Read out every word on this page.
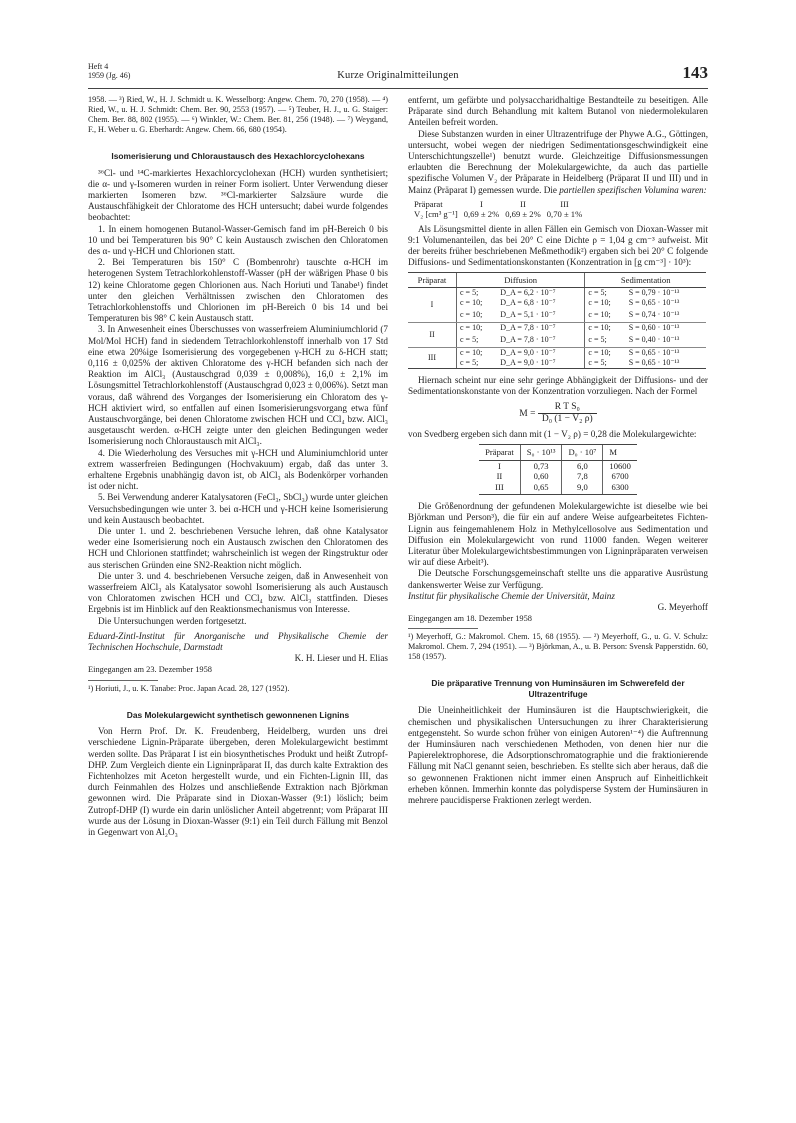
Heft 4
1959 (Jg. 46)	Kurze Originalmitteilungen	143

1958. — ³) Ried, W., H. J. Schmidt u. K. Wesselborg: Angew. Chem. 70, 270 (1958). — ⁴) Ried, W., u. H. J. Schmidt: Chem. Ber. 90, 2553 (1957). — ⁵) Teuber, H. J., u. G. Staiger: Chem. Ber. 88, 802 (1955). — ⁶) Winkler, W.: Chem. Ber. 81, 256 (1948). — ⁷) Weygand, F., H. Weber u. G. Eberhardt: Angew. Chem. 66, 680 (1954).

Isomerisierung und Chloraustausch des Hexachlorcyclohexans

³⁶Cl- und ¹⁴C-markiertes Hexachlorcyclohexan (HCH) wurden synthetisiert; die α- und γ-Isomeren wurden in reiner Form isoliert. Unter Verwendung dieser markierten Isomeren bzw. ³⁶Cl-markierter Salzsäure wurde die Austauschfähigkeit der Chloratome des HCH untersucht; dabei wurde folgendes beobachtet:

1. In einem homogenen Butanol-Wasser-Gemisch fand im pH-Bereich 0 bis 10 und bei Temperaturen bis 90° C kein Austausch zwischen den Chloratomen des α- und γ-HCH und Chlorionen statt.

2. Bei Temperaturen bis 150° C (Bombenrohr) tauschte α-HCH im heterogenen System Tetrachlorkohlenstoff-Wasser (pH der wäßrigen Phase 0 bis 12) keine Chloratome gegen Chlorionen aus. Nach Horiuti und Tanabe¹) findet unter den gleichen Verhältnissen zwischen den Chloratomen des Tetrachlorkohlenstoffs und Chlorionen im pH-Bereich 0 bis 14 und bei Temperaturen bis 98° C kein Austausch statt.

3. In Anwesenheit eines Überschusses von wasserfreiem Aluminiumchlorid (7 Mol/Mol HCH) fand in siedendem Tetrachlorkohlenstoff innerhalb von 17 Std eine etwa 20%ige Isomerisierung des vorgegebenen γ-HCH zu δ-HCH statt; 0,116 ± 0,025% der aktiven Chloratome des γ-HCH befanden sich nach der Reaktion im AlCl₃ (Austauschgrad 0,039 ± 0,008%), 16,0 ± 2,1% im Lösungsmittel Tetrachlorkohlenstoff (Austauschgrad 0,023 ± 0,006%). Setzt man voraus, daß während des Vorganges der Isomerisierung ein Chloratom des γ-HCH aktiviert wird, so entfallen auf einen Isomerisierungsvorgang etwa fünf Austauschvorgänge, bei denen Chloratome zwischen HCH und CCl₄ bzw. AlCl₃ ausgetauscht werden. α-HCH zeigte unter den gleichen Bedingungen weder Isomerisierung noch Chloraustausch mit AlCl₃.

4. Die Wiederholung des Versuches mit γ-HCH und Aluminiumchlorid unter extrem wasserfreien Bedingungen (Hochvakuum) ergab, daß das unter 3. erhaltene Ergebnis unabhängig davon ist, ob AlCl₃ als Bodenkörper vorhanden ist oder nicht.

5. Bei Verwendung anderer Katalysatoren (FeCl₃, SbCl₃) wurde unter gleichen Versuchsbedingungen wie unter 3. bei α-HCH und γ-HCH keine Isomerisierung und kein Austausch beobachtet.

Die unter 1. und 2. beschriebenen Versuche lehren, daß ohne Katalysator weder eine Isomerisierung noch ein Austausch zwischen den Chloratomen des HCH und Chlorionen stattfindet; wahrscheinlich ist wegen der Ringstruktur oder aus sterischen Gründen eine SN2-Reaktion nicht möglich.

Die unter 3. und 4. beschriebenen Versuche zeigen, daß in Anwesenheit von wasserfreiem AlCl₃ als Katalysator sowohl Isomerisierung als auch Austausch von Chloratomen zwischen HCH und CCl₄ bzw. AlCl₃ stattfinden. Dieses Ergebnis ist im Hinblick auf den Reaktionsmechanismus von Interesse.

Die Untersuchungen werden fortgesetzt.

Eduard-Zintl-Institut für Anorganische und Physikalische Chemie der Technischen Hochschule, Darmstadt

K. H. Lieser und H. Elias

Eingegangen am 23. Dezember 1958

¹) Horiuti, J., u. K. Tanabe: Proc. Japan Acad. 28, 127 (1952).

Das Molekulargewicht synthetisch gewonnenen Lignins

Von Herrn Prof. Dr. K. Freudenberg, Heidelberg, wurden uns drei verschiedene Lignin-Präparate übergeben, deren Molekulargewicht bestimmt werden sollte. Das Präparat I ist ein biosynthetisches Produkt und heißt Zutropf-DHP. Zum Vergleich diente ein Ligninpräparat II, das durch kalte Extraktion des Fichtenholzes mit Aceton hergestellt wurde, und ein Fichten-Lignin III, das durch Feinmahlen des Holzes und anschließende Extraktion nach Björkman gewonnen wird. Die Präparate sind in Dioxan-Wasser (9:1) löslich; beim Zutropf-DHP (I) wurde ein darin unlöslicher Anteil abgetrennt; vom Präparat III wurde aus der Lösung in Dioxan-Wasser (9:1) ein Teil durch Fällung mit Benzol in Gegenwart von Al₂O₃

entfernt, um gefärbte und polysaccharidhaltige Bestandteile zu beseitigen. Alle Präparate sind durch Behandlung mit kaltem Butanol von niedermolekularen Anteilen befreit worden.

Diese Substanzen wurden in einer Ultrazentrifuge der Phywe A.G., Göttingen, untersucht, wobei wegen der niedrigen Sedimentationsgeschwindigkeit eine Unterschichtungszelle¹) benutzt wurde. Gleichzeitige Diffusionsmessungen erlaubten die Berechnung der Molekulargewichte, da auch das partielle spezifische Volumen V₂ der Präparate in Heidelberg (Präparat II und III) und in Mainz (Präparat I) gemessen wurde. Die partiellen spezifischen Volumina waren:

Präparat	I	II	III
V₂ [cm³ g⁻¹]	0,69 ± 2%	0,69 ± 2%	0,70 ± 1%

Als Lösungsmittel diente in allen Fällen ein Gemisch von Dioxan-Wasser mit 9:1 Volumenanteilen, das bei 20° C eine Dichte ρ = 1,04 g cm⁻³ aufweist. Mit der bereits früher beschriebenen Meßmethodik²) ergaben sich bei 20° C folgende Diffusions- und Sedimentationskonstanten (Konzentration in [g cm⁻³] · 10³):

Präparat	Diffusion		Sedimentation	
I	c = 5;	D_A = 6,2 · 10⁻⁷	c = 5;	S = 0,79 · 10⁻¹³
	c = 10;	D_A = 6,8 · 10⁻⁷	c = 10;	S = 0,65 · 10⁻¹³
	c = 10;	D_A = 5,1 · 10⁻⁷	c = 10;	S = 0,74 · 10⁻¹³
II	c = 10;	D_A = 7,8 · 10⁻⁷	c = 10;	S = 0,60 · 10⁻¹³
	c = 5;	D_A = 7,8 · 10⁻⁷	c = 5;	S = 0,40 · 10⁻¹³
III	c = 10;	D_A = 9,0 · 10⁻⁷	c = 10;	S = 0,65 · 10⁻¹³
	c = 5;	D_A = 9,0 · 10⁻⁷	c = 5;	S = 0,65 · 10⁻¹³

Hiernach scheint nur eine sehr geringe Abhängigkeit der Diffusions- und der Sedimentationskonstante von der Konzentration vorzuliegen. Nach der Formel

$M = \frac{\text{R T S₀}}{\text{D₀ (1 − V₂ ρ)}}$

von Svedberg ergeben sich dann mit (1 − V₂ ρ) = 0,28 die Molekulargewichte:

Präparat	S₀ · 10¹³	D₀ · 10⁷	M
I	0,73	6,0	10600
II	0,60	7,8	6700
III	0,65	9,0	6300

Die Größenordnung der gefundenen Molekulargewichte ist dieselbe wie bei Björkman und Person³), die für ein auf andere Weise aufgearbeitetes Fichten-Lignin aus feingemahlenem Holz in Methylcellosolve aus Sedimentation und Diffusion ein Molekulargewicht von rund 11000 fanden. Wegen weiterer Literatur über Molekulargewichtsbestimmungen von Ligninpräparaten verweisen wir auf diese Arbeit³).

Die Deutsche Forschungsgemeinschaft stellte uns die apparative Ausrüstung dankenswerter Weise zur Verfügung.

Institut für physikalische Chemie der Universität, Mainz

G. Meyerhoff

Eingegangen am 18. Dezember 1958

¹) Meyerhoff, G.: Makromol. Chem. 15, 68 (1955). — ²) Meyerhoff, G., u. G. V. Schulz: Makromol. Chem. 7, 294 (1951). — ³) Björkman, A., u. B. Person: Svensk Papperstidn. 60, 158 (1957).

Die präparative Trennung von Huminsäuren im Schwerefeld der Ultrazentrifuge

Die Uneinheitlichkeit der Huminsäuren ist die Hauptschwierigkeit, die chemischen und physikalischen Untersuchungen zu ihrer Charakterisierung entgegensteht. So wurde schon früher von einigen Autoren¹⁻⁴) die Auftrennung der Huminsäuren nach verschiedenen Methoden, von denen hier nur die Papierelektrophorese, die Adsorptionschromatographie und die fraktionierende Fällung mit NaCl genannt seien, beschrieben. Es stellte sich aber heraus, daß die so gewonnenen Fraktionen nicht immer einen Anspruch auf Einheitlichkeit erheben können. Immerhin konnte das polydisperse System der Huminsäuren in mehrere paucidisperse Fraktionen zerlegt werden.
